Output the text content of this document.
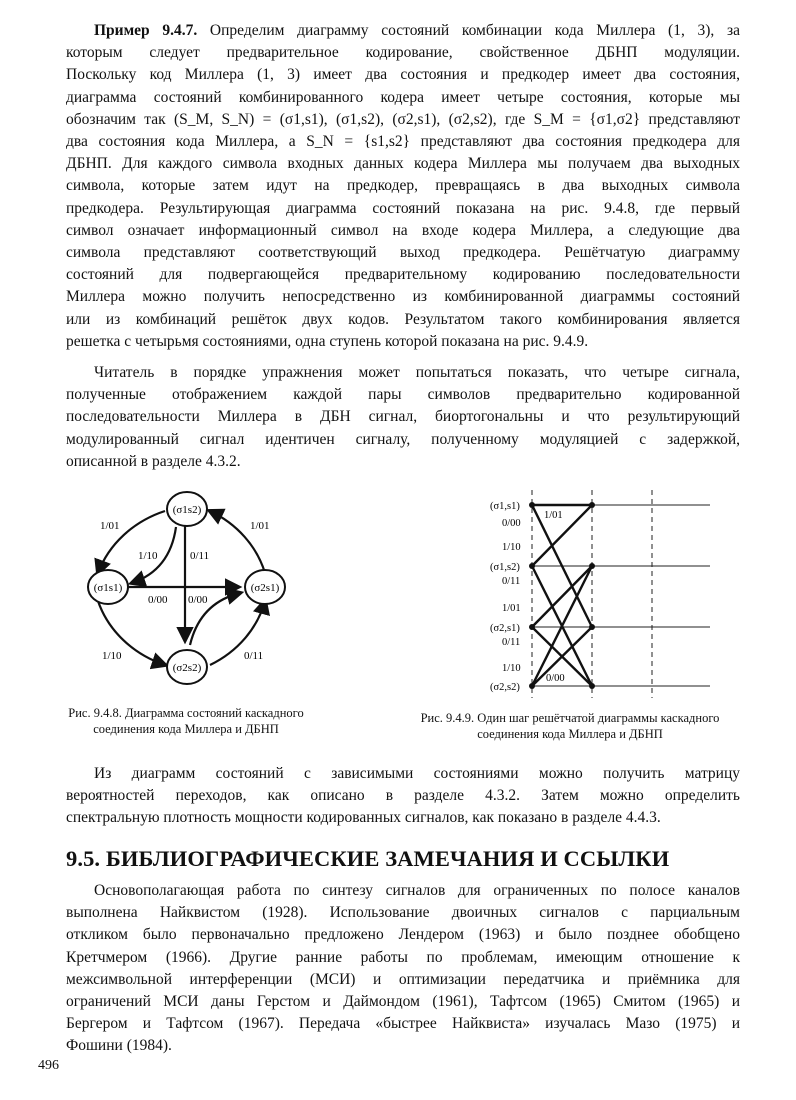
Пример 9.4.7. Определим диаграмму состояний комбинации кода Миллера (1, 3), за
которым следует предварительное кодирование, свойственное ДБНП модуляции.
Поскольку код Миллера (1, 3) имеет два состояния и предкодер имеет два состояния,
диаграмма состояний комбинированного кодера имеет четыре состояния, которые мы
обозначим так (S_M, S_N) = (σ1,s1), (σ1,s2), (σ2,s1), (σ2,s2), где S_M = {σ1,σ2} представляют
два состояния кода Миллера, а S_N = {s1,s2} представляют два состояния предкодера для
ДБНП. Для каждого символа входных данных кодера Миллера мы получаем два выходных
символа, которые затем идут на предкодер, превращаясь в два выходных символа
предкодера. Результирующая диаграмма состояний показана на рис. 9.4.8, где первый
символ означает информационный символ на входе кодера Миллера, а следующие два
символа представляют соответствующий выход предкодера. Решётчатую диаграмму
состояний для подвергающейся предварительному кодированию последовательности
Миллера можно получить непосредственно из комбинированной диаграммы состояний
или из комбинаций решёток двух кодов. Результатом такого комбинирования является
решетка с четырьмя состояниями, одна ступень которой показана на рис. 9.4.9.
Читатель в порядке упражнения может попытаться показать, что четыре сигнала,
полученные отображением каждой пары символов предварительно кодированной
последовательности Миллера в ДБН сигнал, биортогональны и что результирующий
модулированный сигнал идентичен сигналу, полученному модуляцией с задержкой,
описанной в разделе 4.3.2.
(σ1s2)
(σ1s1)	(σ2s1)
(σ2s2)
1/01	1/01
1/10	0/11
0/00 0/00
1/10	0/11
Рис. 9.4.8. Диаграмма состояний каскадного
соединения кода Миллера и ДБНП
(σ1,s1)
(σ1,s2)
(σ2,s1)
(σ2,s2)
1/01
0/00
1/10
0/11
1/01
0/11
1/10
0/00
Рис. 9.4.9. Один шаг решётчатой диаграммы каскадного
соединения кода Миллера и ДБНП
Из диаграмм состояний с зависимыми состояниями можно получить матрицу
вероятностей переходов, как описано в разделе 4.3.2. Затем можно определить
спектральную плотность мощности кодированных сигналов, как показано в разделе 4.4.3.
9.5. БИБЛИОГРАФИЧЕСКИЕ ЗАМЕЧАНИЯ И ССЫЛКИ
Основополагающая работа по синтезу сигналов для ограниченных по полосе каналов
выполнена Найквистом (1928). Использование двоичных сигналов с парциальным
откликом было первоначально предложено Лендером (1963) и было позднее обобщено
Кретчмером (1966). Другие ранние работы по проблемам, имеющим отношение к
межсимвольной интерференции (МСИ) и оптимизации передатчика и приёмника для
ограничений МСИ даны Герстом и Даймондом (1961), Тафтсом (1965) Смитом (1965) и
Бергером и Тафтсом (1967). Передача «быстрее Найквиста» изучалась Мазо (1975) и
Фошини (1984).
496
